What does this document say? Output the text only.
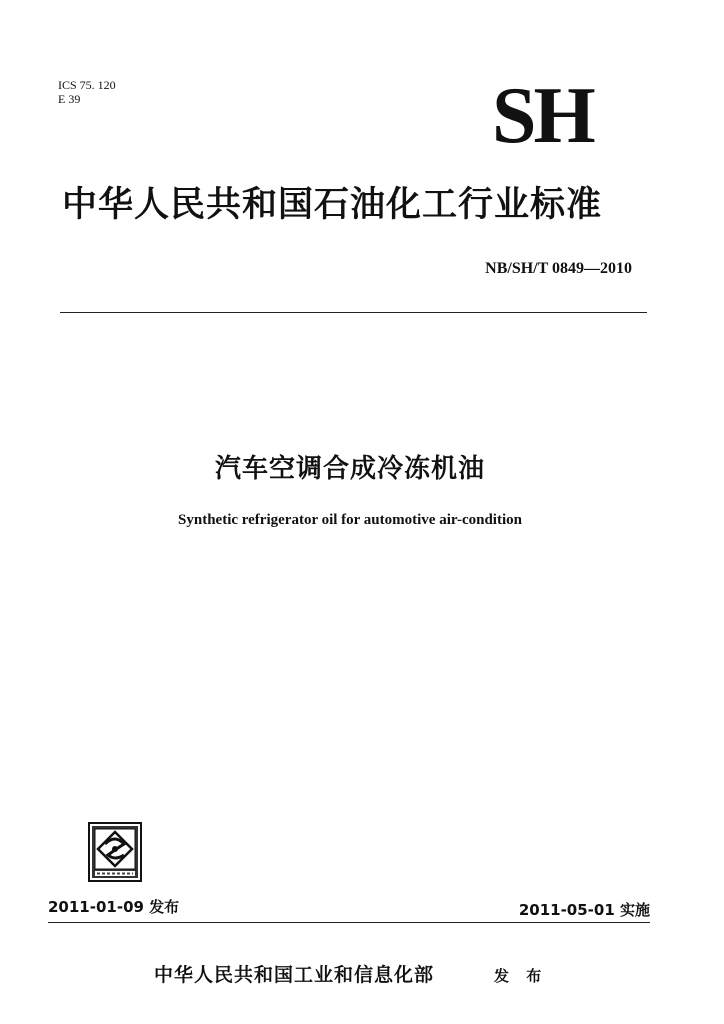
ICS 75. 120
E 39	SH
中华人民共和国石油化工行业标准
NB/SH/T 0849—2010
汽车空调合成冷冻机油
Synthetic refrigerator oil for automotive air-condition
2011-01-09 发布	2011-05-01 实施
中华人民共和国工业和信息化部	发 布
